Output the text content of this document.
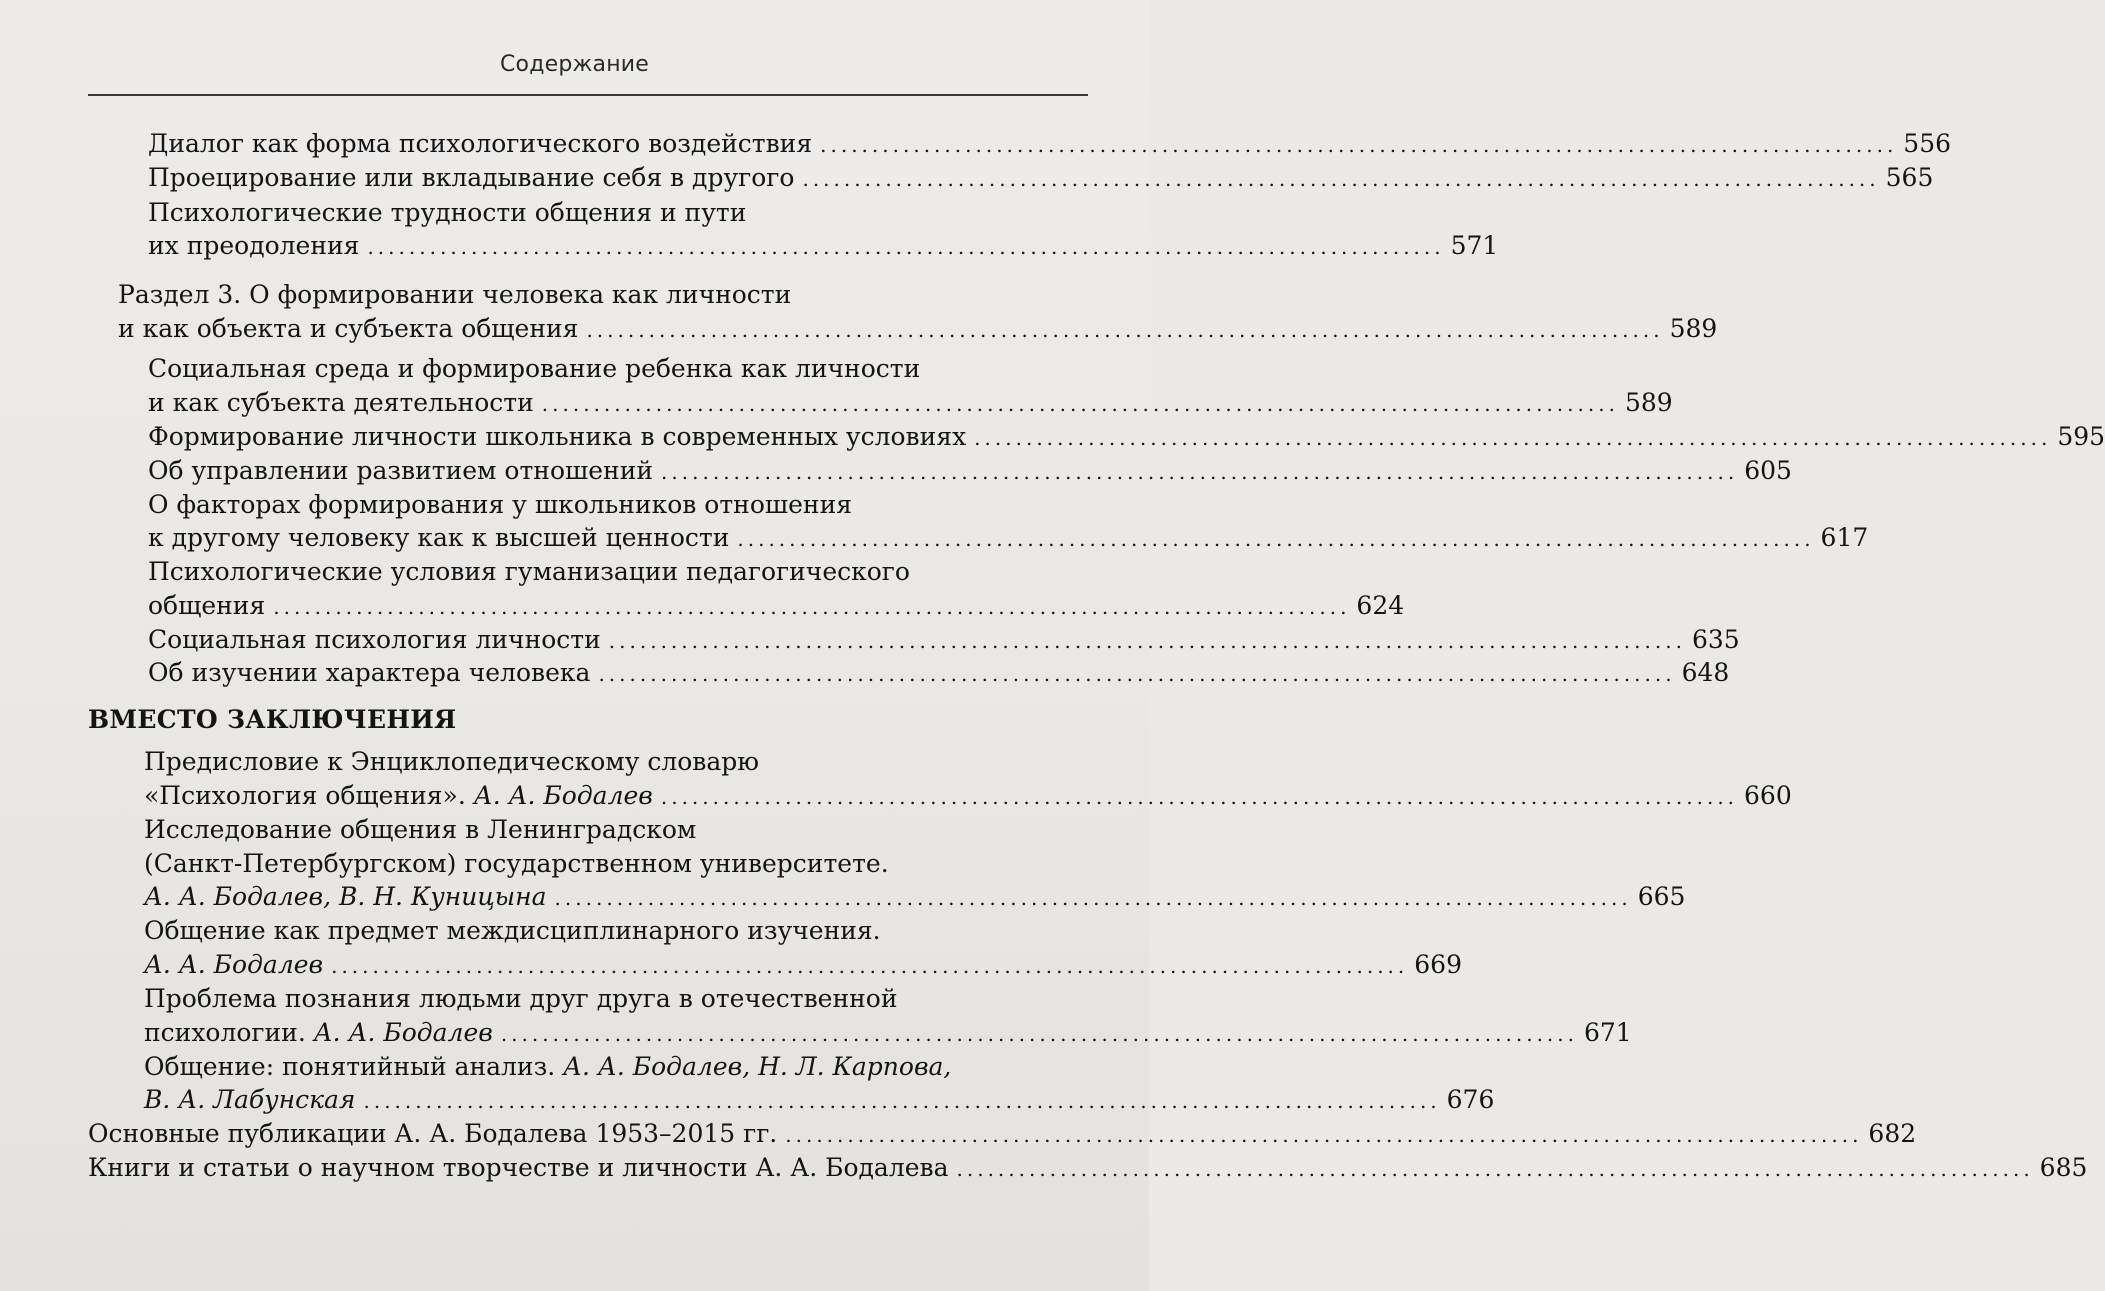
Содержание
Диалог как форма психологического воздействия ........................................................................................................ 556
Проецирование или вкладывание себя в другого ........................................................................................................ 565
Психологические трудности общения и пути
их преодоления ........................................................................................................ 571
Раздел 3. О формировании человека как личности
и как объекта и субъекта общения ........................................................................................................ 589
Социальная среда и формирование ребенка как личности
и как субъекта деятельности ........................................................................................................ 589
Формирование личности школьника в современных условиях ........................................................................................................ 595
Об управлении развитием отношений ........................................................................................................ 605
О факторах формирования у школьников отношения
к другому человеку как к высшей ценности ........................................................................................................ 617
Психологические условия гуманизации педагогического
общения ........................................................................................................ 624
Социальная психология личности ........................................................................................................ 635
Об изучении характера человека ........................................................................................................ 648
ВМЕСТО ЗАКЛЮЧЕНИЯ
Предисловие к Энциклопедическому словарю
«Психология общения». А. А. Бодалев ........................................................................................................ 660
Исследование общения в Ленинградском
(Санкт-Петербургском) государственном университете.
А. А. Бодалев, В. Н. Куницына ........................................................................................................ 665
Общение как предмет междисциплинарного изучения.
А. А. Бодалев ........................................................................................................ 669
Проблема познания людьми друг друга в отечественной
психологии. А. А. Бодалев ........................................................................................................ 671
Общение: понятийный анализ. А. А. Бодалев, Н. Л. Карпова,
В. А. Лабунская ........................................................................................................ 676
Основные публикации А. А. Бодалева 1953–2015 гг. ........................................................................................................ 682
Книги и статьи о научном творчестве и личности А. А. Бодалева ........................................................................................................ 685
